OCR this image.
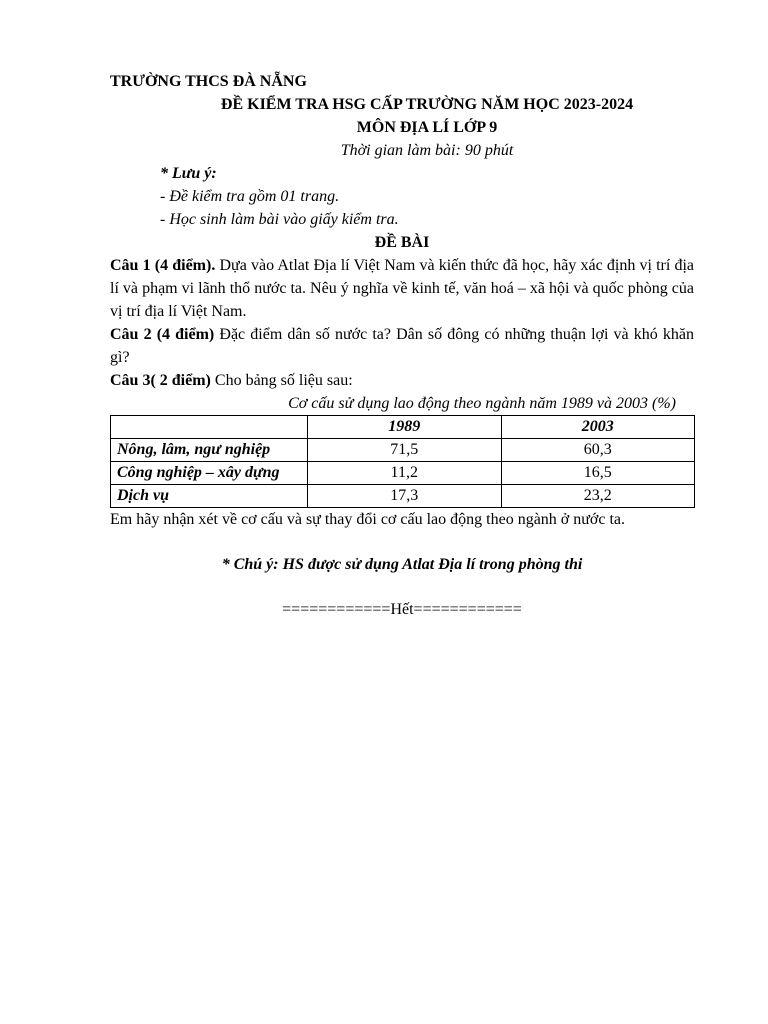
TRƯỜNG THCS ĐÀ NẴNG
ĐỀ KIỂM TRA HSG CẤP TRƯỜNG NĂM HỌC 2023-2024
MÔN ĐỊA LÍ LỚP 9
Thời gian làm bài: 90 phút
* Lưu ý:
- Đề kiểm tra gồm 01 trang.
- Học sinh làm bài vào giấy kiểm tra.
ĐỀ BÀI
Câu 1 (4 điểm). Dựa vào Atlat Địa lí Việt Nam và kiến thức đã học, hãy xác định vị trí địa lí và phạm vi lãnh thổ nước ta. Nêu ý nghĩa về kinh tế, văn hoá – xã hội và quốc phòng của vị trí địa lí Việt Nam.
Câu 2 (4 điểm) Đặc điểm dân số nước ta? Dân số đông có những thuận lợi và khó khăn gì?
Câu 3( 2 điểm) Cho bảng số liệu sau:
Cơ cấu sử dụng lao động theo ngành năm 1989 và 2003 (%)
	1989	2003
Nông, lâm, ngư nghiệp	71,5	60,3
Công nghiệp – xây dựng	11,2	16,5
Dịch vụ	17,3	23,2
Em hãy nhận xét về cơ cấu và sự thay đổi cơ cấu lao động theo ngành ở nước ta.
* Chú ý: HS được sử dụng Atlat Địa lí trong phòng thi
============Hết============
